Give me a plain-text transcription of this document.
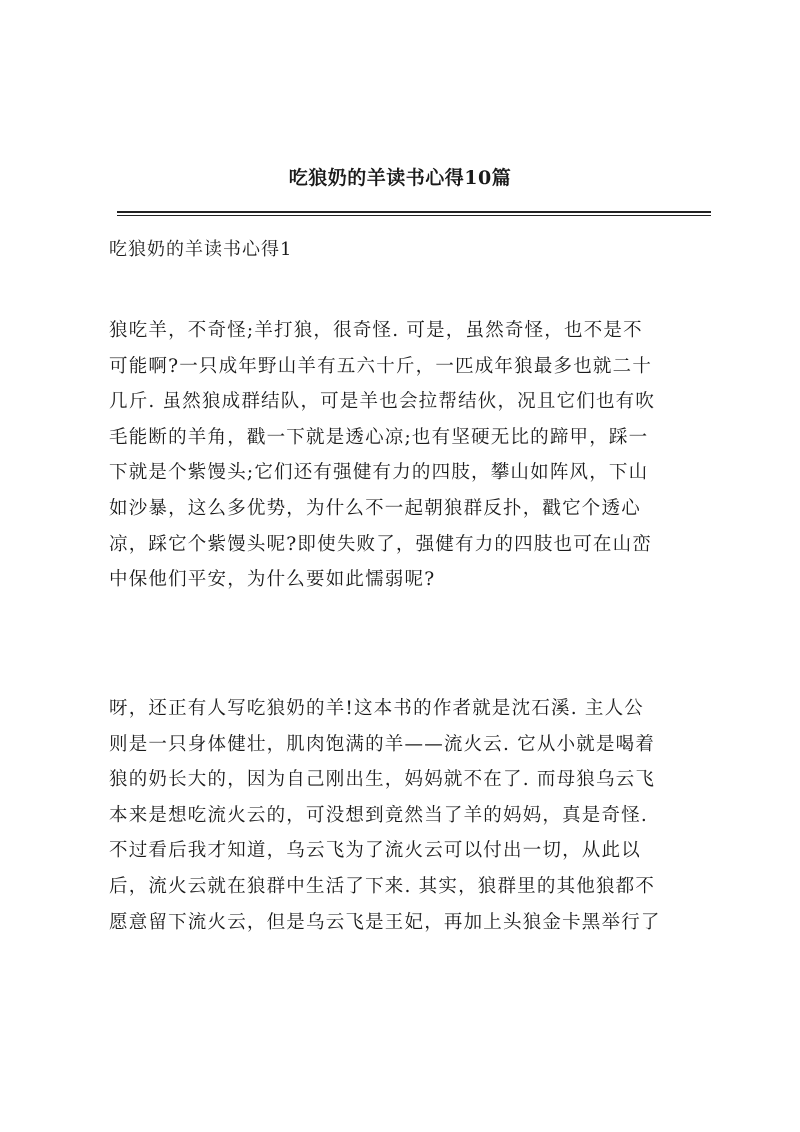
吃狼奶的羊读书心得10篇
吃狼奶的羊读书心得1
狼吃羊，不奇怪;羊打狼，很奇怪. 可是，虽然奇怪，也不是不
可能啊?一只成年野山羊有五六十斤，一匹成年狼最多也就二十
几斤. 虽然狼成群结队，可是羊也会拉帮结伙，况且它们也有吹
毛能断的羊角，戳一下就是透心凉;也有坚硬无比的蹄甲，踩一
下就是个紫馒头;它们还有强健有力的四肢，攀山如阵风，下山
如沙暴，这么多优势，为什么不一起朝狼群反扑，戳它个透心
凉，踩它个紫馒头呢?即使失败了，强健有力的四肢也可在山峦
中保他们平安，为什么要如此懦弱呢?
呀，还正有人写吃狼奶的羊!这本书的作者就是沈石溪. 主人公
则是一只身体健壮，肌肉饱满的羊——流火云. 它从小就是喝着
狼的奶长大的，因为自己刚出生，妈妈就不在了. 而母狼乌云飞
本来是想吃流火云的，可没想到竟然当了羊的妈妈，真是奇怪.
不过看后我才知道，乌云飞为了流火云可以付出一切，从此以
后，流火云就在狼群中生活了下来. 其实，狼群里的其他狼都不
愿意留下流火云，但是乌云飞是王妃，再加上头狼金卡黑举行了
